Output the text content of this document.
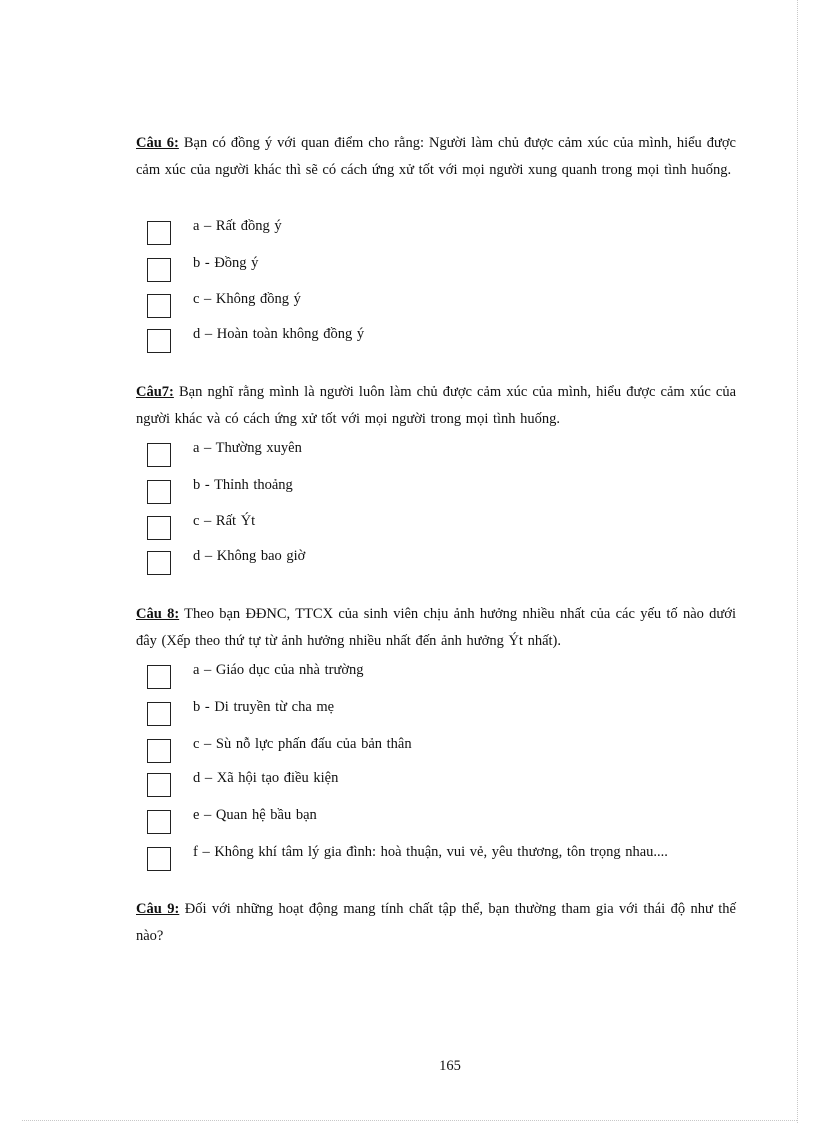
Câu 6: Bạn có đồng ý với quan điểm cho rằng: Người làm chủ được cảm xúc của mình, hiểu được cảm xúc của người khác thì sẽ có cách ứng xử tốt với mọi người xung quanh trong mọi tình huống.
a – Rất đồng ý
b - Đồng ý
c – Không đồng ý
d – Hoàn toàn không đồng ý
Câu7: Bạn nghĩ rằng mình là người luôn làm chủ được cảm xúc của mình, hiểu được cảm xúc của người khác và có cách ứng xử tốt với mọi người trong mọi tình huống.
a – Thường xuyên
b - Thỉnh thoảng
c – Rất Ýt
d – Không bao giờ
Câu 8: Theo bạn ĐĐNC, TTCX của sinh viên chịu ảnh hưởng nhiều nhất của các yếu tố nào dưới đây (Xếp theo thứ tự từ ảnh hưởng nhiều nhất đến ảnh hưởng Ýt nhất).
a – Giáo dục của nhà trường
b - Di truyền từ cha mẹ
c – Sù nỗ lực phấn đấu của bản thân
d – Xã hội tạo điều kiện
e – Quan hệ bầu bạn
f – Không khí tâm lý gia đình: hoà thuận, vui vẻ, yêu thương, tôn trọng nhau....
Câu 9: Đối với những hoạt động mang tính chất tập thể, bạn thường tham gia với thái độ như thế nào?
165
